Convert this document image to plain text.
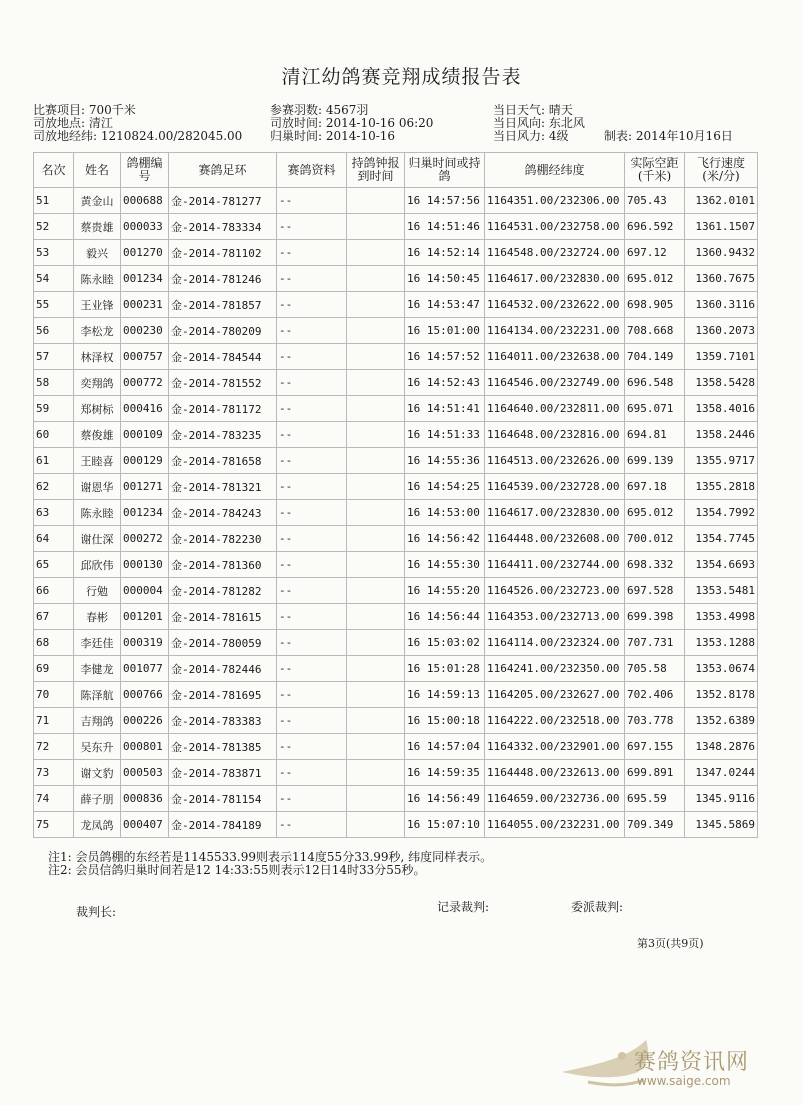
清江幼鸽赛竞翔成绩报告表
比赛项目: 700千米
司放地点: 清江
司放地经纬: 1210824.00/282045.00
参赛羽数: 4567羽
司放时间: 2014-10-16 06:20
归巢时间: 2014-10-16
当日天气: 晴天
当日风向: 东北风
当日风力: 4级	制表: 2014年10月16日
名次	姓名	鸽棚编号	赛鸽足环	赛鸽资料	持鸽钟报到时间	归巢时间或持鸽	鸽棚经纬度	实际空距(千米)	飞行速度(米/分)
51	黄金山	000688	金-2014-781277	--		16 14:57:56	1164351.00/232306.00	705.43	1362.0101
52	蔡贵雄	000033	金-2014-783334	--		16 14:51:46	1164531.00/232758.00	696.592	1361.1507
53	毅兴	001270	金-2014-781102	--		16 14:52:14	1164548.00/232724.00	697.12	1360.9432
54	陈永睦	001234	金-2014-781246	--		16 14:50:45	1164617.00/232830.00	695.012	1360.7675
55	王业锋	000231	金-2014-781857	--		16 14:53:47	1164532.00/232622.00	698.905	1360.3116
56	李松龙	000230	金-2014-780209	--		16 15:01:00	1164134.00/232231.00	708.668	1360.2073
57	林泽权	000757	金-2014-784544	--		16 14:57:52	1164011.00/232638.00	704.149	1359.7101
58	奕翔鸽	000772	金-2014-781552	--		16 14:52:43	1164546.00/232749.00	696.548	1358.5428
59	郑树标	000416	金-2014-781172	--		16 14:51:41	1164640.00/232811.00	695.071	1358.4016
60	蔡俊雄	000109	金-2014-783235	--		16 14:51:33	1164648.00/232816.00	694.81	1358.2446
61	王睦喜	000129	金-2014-781658	--		16 14:55:36	1164513.00/232626.00	699.139	1355.9717
62	谢恩华	001271	金-2014-781321	--		16 14:54:25	1164539.00/232728.00	697.18	1355.2818
63	陈永睦	001234	金-2014-784243	--		16 14:53:00	1164617.00/232830.00	695.012	1354.7992
64	谢仕深	000272	金-2014-782230	--		16 14:56:42	1164448.00/232608.00	700.012	1354.7745
65	邱欣伟	000130	金-2014-781360	--		16 14:55:30	1164411.00/232744.00	698.332	1354.6693
66	行勉	000004	金-2014-781282	--		16 14:55:20	1164526.00/232723.00	697.528	1353.5481
67	春彬	001201	金-2014-781615	--		16 14:56:44	1164353.00/232713.00	699.398	1353.4998
68	李廷佳	000319	金-2014-780059	--		16 15:03:02	1164114.00/232324.00	707.731	1353.1288
69	李健龙	001077	金-2014-782446	--		16 15:01:28	1164241.00/232350.00	705.58	1353.0674
70	陈泽航	000766	金-2014-781695	--		16 14:59:13	1164205.00/232627.00	702.406	1352.8178
71	吉翔鸽	000226	金-2014-783383	--		16 15:00:18	1164222.00/232518.00	703.778	1352.6389
72	吴东升	000801	金-2014-781385	--		16 14:57:04	1164332.00/232901.00	697.155	1348.2876
73	谢文豹	000503	金-2014-783871	--		16 14:59:35	1164448.00/232613.00	699.891	1347.0244
74	薛子朋	000836	金-2014-781154	--		16 14:56:49	1164659.00/232736.00	695.59	1345.9116
75	龙凤鸽	000407	金-2014-784189	--		16 15:07:10	1164055.00/232231.00	709.349	1345.5869
注1: 会员鸽棚的东经若是1145533.99则表示114度55分33.99秒, 纬度同样表示。
注2: 会员信鸽归巢时间若是12 14:33:55则表示12日14时33分55秒。
裁判长:	记录裁判:	委派裁判:
第3页(共9页)
赛鸽资讯网
www.saige.com
